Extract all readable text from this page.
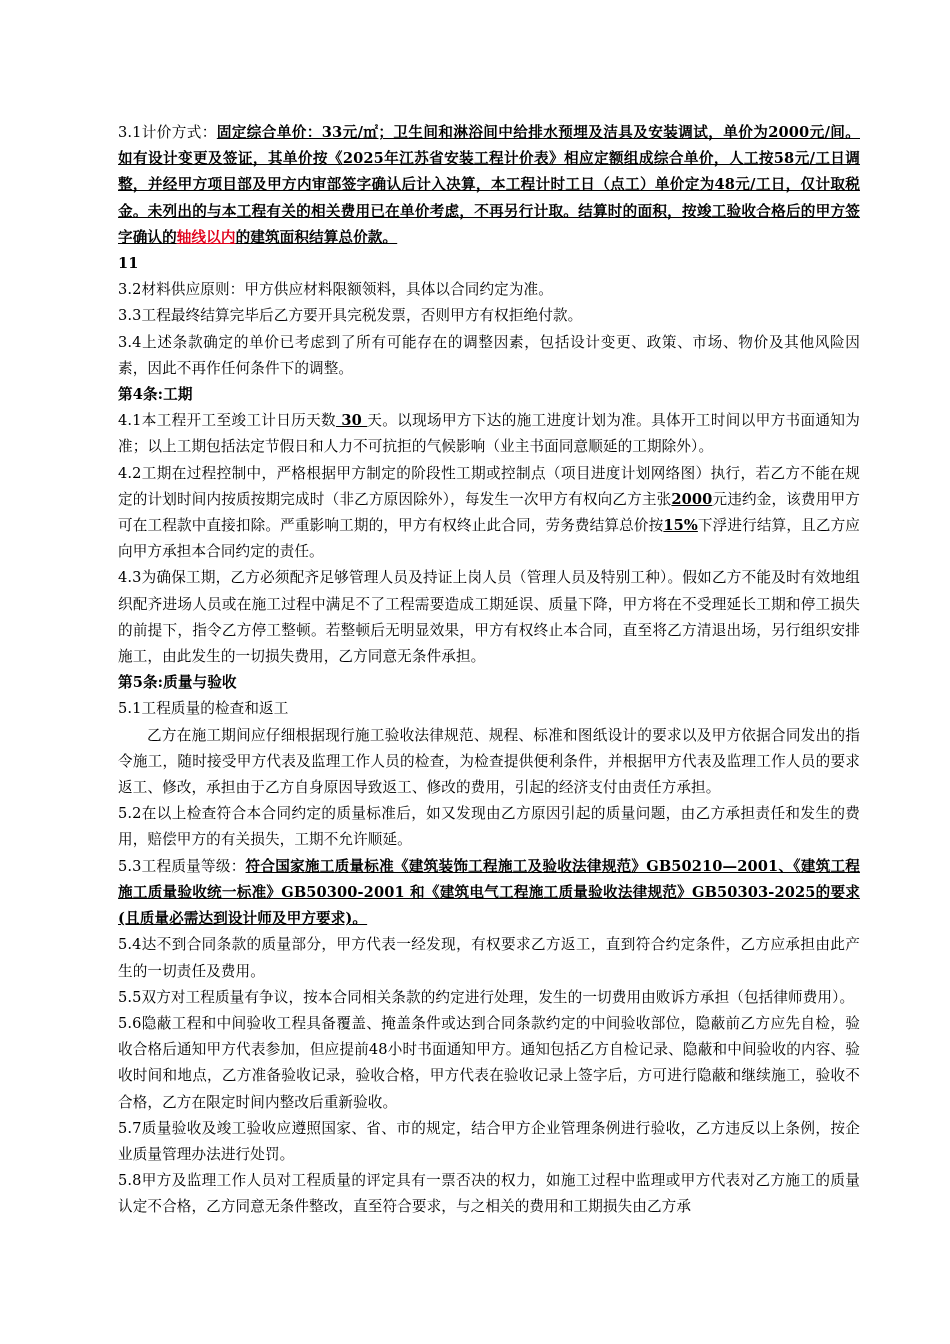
3.1计价方式：固定综合单价：33元/㎡；卫生间和淋浴间中给排水预埋及洁具及安装调试，单价为2000元/间。如有设计变更及签证，其单价按《2025年江苏省安装工程计价表》相应定额组成综合单价，人工按58元/工日调整，并经甲方项目部及甲方内审部签字确认后计入决算，本工程计时工日（点工）单价定为48元/工日，仅计取税金。未列出的与本工程有关的相关费用已在单价考虑，不再另行计取。结算时的面积，按竣工验收合格后的甲方签字确认的轴线以内的建筑面积结算总价款。

11

3.2材料供应原则：甲方供应材料限额领料，具体以合同约定为准。

3.3工程最终结算完毕后乙方要开具完税发票，否则甲方有权拒绝付款。

3.4上述条款确定的单价已考虑到了所有可能存在的调整因素，包括设计变更、政策、市场、物价及其他风险因素，因此不再作任何条件下的调整。

第4条:工期

4.1本工程开工至竣工计日历天数 30 天。以现场甲方下达的施工进度计划为准。具体开工时间以甲方书面通知为准；以上工期包括法定节假日和人力不可抗拒的气候影响（业主书面同意顺延的工期除外）。

4.2工期在过程控制中，严格根据甲方制定的阶段性工期或控制点（项目进度计划网络图）执行，若乙方不能在规定的计划时间内按质按期完成时（非乙方原因除外），每发生一次甲方有权向乙方主张2000元违约金，该费用甲方可在工程款中直接扣除。严重影响工期的，甲方有权终止此合同，劳务费结算总价按15%下浮进行结算，且乙方应向甲方承担本合同约定的责任。

4.3为确保工期，乙方必须配齐足够管理人员及持证上岗人员（管理人员及特别工种）。假如乙方不能及时有效地组织配齐进场人员或在施工过程中满足不了工程需要造成工期延误、质量下降，甲方将在不受理延长工期和停工损失的前提下，指令乙方停工整顿。若整顿后无明显效果，甲方有权终止本合同，直至将乙方清退出场，另行组织安排施工，由此发生的一切损失费用，乙方同意无条件承担。

第5条:质量与验收

5.1工程质量的检查和返工

乙方在施工期间应仔细根据现行施工验收法律规范、规程、标准和图纸设计的要求以及甲方依据合同发出的指令施工，随时接受甲方代表及监理工作人员的检查，为检查提供便利条件，并根据甲方代表及监理工作人员的要求返工、修改，承担由于乙方自身原因导致返工、修改的费用，引起的经济支付由责任方承担。

5.2在以上检查符合本合同约定的质量标准后，如又发现由乙方原因引起的质量问题，由乙方承担责任和发生的费用，赔偿甲方的有关损失，工期不允许顺延。

5.3工程质量等级：符合国家施工质量标准《建筑装饰工程施工及验收法律规范》GB50210—2001、《建筑工程施工质量验收统一标准》GB50300-2001 和《建筑电气工程施工质量验收法律规范》GB50303-2025的要求(且质量必需达到设计师及甲方要求)。

5.4达不到合同条款的质量部分，甲方代表一经发现，有权要求乙方返工，直到符合约定条件，乙方应承担由此产生的一切责任及费用。

5.5双方对工程质量有争议，按本合同相关条款的约定进行处理，发生的一切费用由败诉方承担（包括律师费用）。

5.6隐蔽工程和中间验收工程具备覆盖、掩盖条件或达到合同条款约定的中间验收部位，隐蔽前乙方应先自检，验收合格后通知甲方代表参加，但应提前48小时书面通知甲方。通知包括乙方自检记录、隐蔽和中间验收的内容、验收时间和地点，乙方准备验收记录，验收合格，甲方代表在验收记录上签字后，方可进行隐蔽和继续施工，验收不合格，乙方在限定时间内整改后重新验收。

5.7质量验收及竣工验收应遵照国家、省、市的规定，结合甲方企业管理条例进行验收，乙方违反以上条例，按企业质量管理办法进行处罚。

5.8甲方及监理工作人员对工程质量的评定具有一票否决的权力，如施工过程中监理或甲方代表对乙方施工的质量认定不合格，乙方同意无条件整改，直至符合要求，与之相关的费用和工期损失由乙方承
